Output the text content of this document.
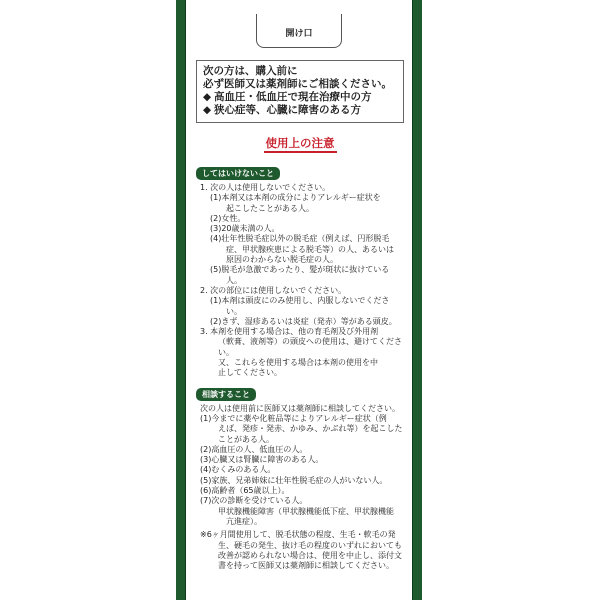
開け口
次の方は、購入前に
必ず医師又は薬剤師にご相談ください。
◆ 高血圧・低血圧で現在治療中の方
◆ 狭心症等、心臓に障害のある方
使用上の注意
してはいけないこと
1. 次の人は使用しないでください。
(1)本剤又は本剤の成分によりアレルギー症状を
起こしたことがある人。
(2)女性。
(3)20歳未満の人。
(4)壮年性脱毛症以外の脱毛症（例えば、円形脱毛
症、甲状腺疾患による脱毛等）の人、あるいは
原因のわからない脱毛症の人。
(5)脱毛が急激であったり、髪が斑状に抜けている
人。
2. 次の部位には使用しないでください。
(1)本剤は頭皮にのみ使用し、内服しないでくださ
い。
(2)きず、湿疹あるいは炎症（発赤）等がある頭皮。
3. 本剤を使用する場合は、他の育毛剤及び外用剤
（軟膏、液剤等）の頭皮への使用は、避けてください。
又、これらを使用する場合は本剤の使用を中
止してください。
相談すること
次の人は使用前に医師又は薬剤師に相談してください。
(1)今までに薬や化粧品等によりアレルギー症状（例
えば、発疹・発赤、かゆみ、かぶれ等）を起こした
ことがある人。
(2)高血圧の人、低血圧の人。
(3)心臓又は腎臓に障害のある人。
(4)むくみのある人。
(5)家族、兄弟姉妹に壮年性脱毛症の人がいない人。
(6)高齢者（65歳以上）。
(7)次の診断を受けている人。
甲状腺機能障害（甲状腺機能低下症、甲状腺機能
亢進症）。
※6ヶ月間使用して、脱毛状態の程度、生毛・軟毛の発
生、硬毛の発生、抜け毛の程度のいずれにおいても
改善が認められない場合は、使用を中止し、添付文
書を持って医師又は薬剤師に相談してください。
